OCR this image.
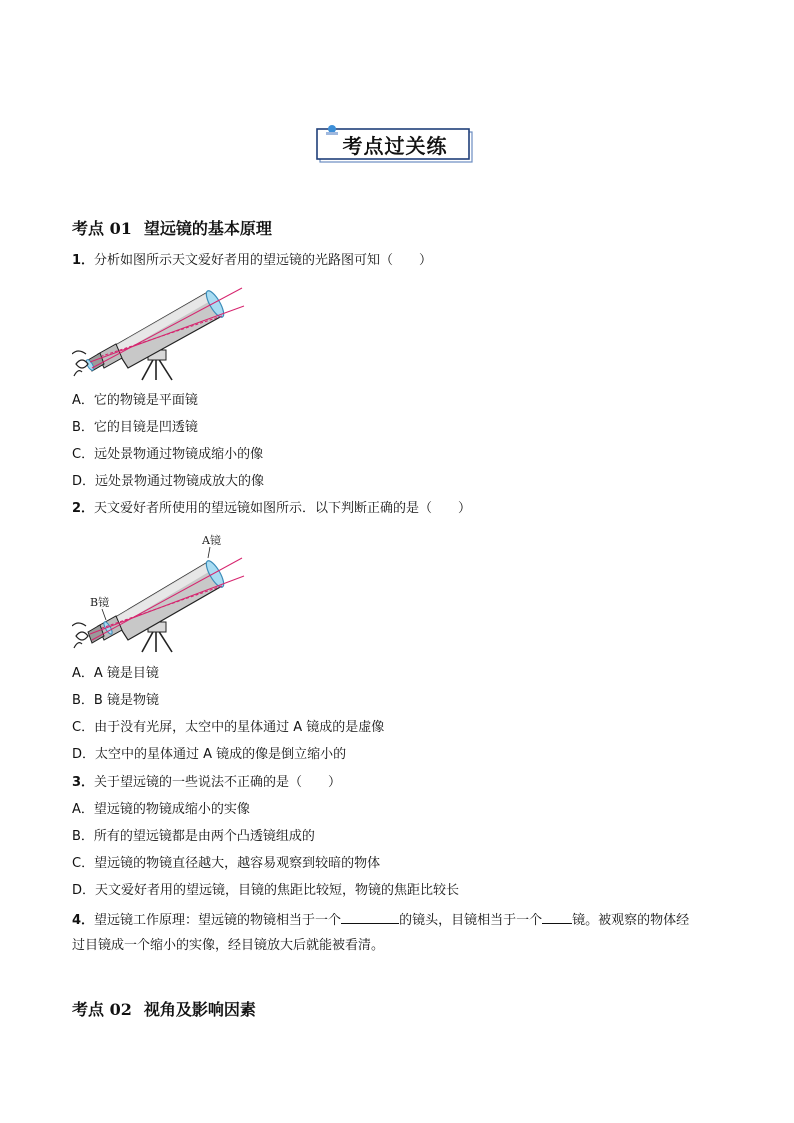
考点过关练
考点 01 望远镜的基本原理
1．分析如图所示天文爱好者用的望远镜的光路图可知（　　）
A．它的物镜是平面镜
B．它的目镜是凹透镜
C．远处景物通过物镜成缩小的像
D．远处景物通过物镜成放大的像
2．天文爱好者所使用的望远镜如图所示．以下判断正确的是（　　）
A镜
B镜
A．A 镜是目镜
B．B 镜是物镜
C．由于没有光屏，太空中的星体通过 A 镜成的是虚像
D．太空中的星体通过 A 镜成的像是倒立缩小的
3．关于望远镜的一些说法不正确的是（　　）
A．望远镜的物镜成缩小的实像
B．所有的望远镜都是由两个凸透镜组成的
C．望远镜的物镜直径越大，越容易观察到较暗的物体
D．天文爱好者用的望远镜，目镜的焦距比较短，物镜的焦距比较长
4．望远镜工作原理：望远镜的物镜相当于一个	的镜头，目镜相当于一个 镜。被观察的物体经
过目镜成一个缩小的实像，经目镜放大后就能被看清。
考点 02 视角及影响因素
